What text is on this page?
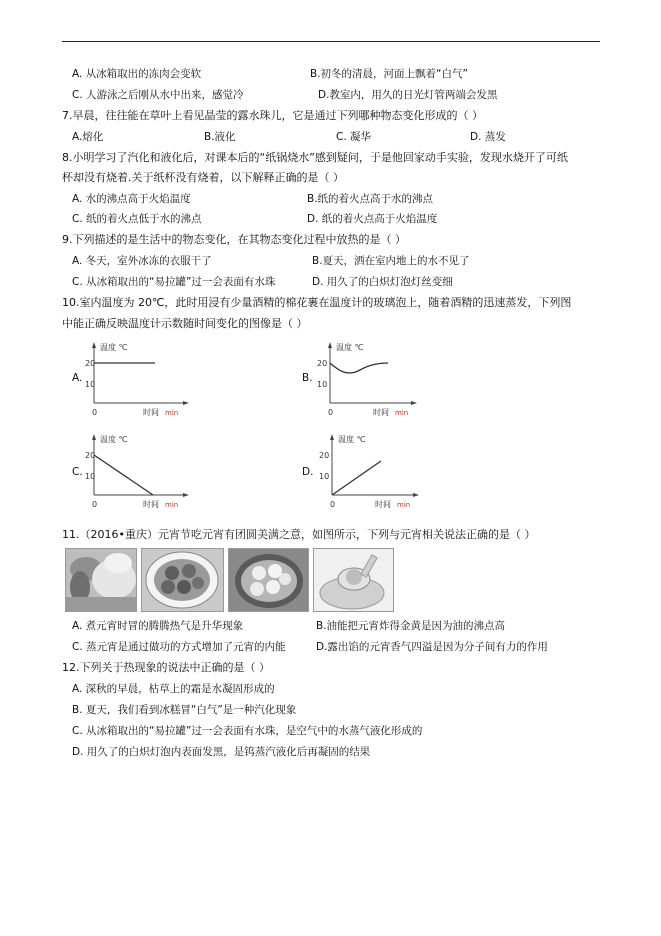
A. 从冰箱取出的冻肉会变软	B.初冬的清晨，河面上飘着“白气”
C. 人游泳之后刚从水中出来，感觉冷	D.教室内，用久的日光灯管两端会发黑
7.早晨，往往能在草叶上看见晶莹的露水珠儿，它是通过下列哪种物态变化形成的（ ）
A.熔化	B.液化	C. 凝华	D. 蒸发
8.小明学习了汽化和液化后，对课本后的“纸锅烧水”感到疑问，于是他回家动手实验，发现水烧开了可纸
杯却没有烧着.关于纸杯没有烧着，以下解释正确的是（ ）
A. 水的沸点高于火焰温度	B.纸的着火点高于水的沸点
C. 纸的着火点低于水的沸点	D. 纸的着火点高于火焰温度
9.下列描述的是生活中的物态变化，在其物态变化过程中放热的是（ ）
A. 冬天，室外冰冻的衣服干了	B.夏天，洒在室内地上的水不见了
C. 从冰箱取出的“易拉罐”过一会表面有水珠	D. 用久了的白炽灯泡灯丝变细
10.室内温度为 20℃，此时用浸有少量酒精的棉花裹在温度计的玻璃泡上，随着酒精的迅速蒸发，下列图
中能正确反映温度计示数随时间变化的图像是（ ）
A.
温度 ℃
20
10
0	时间 min
B.
温度 ℃
20
10
0	时间 min
C.
温度 ℃
20
10
0	时间 min
D.
温度 ℃
20
10
0	时间 min
11.（2016•重庆）元宵节吃元宵有团圆美满之意，如图所示，下列与元宵相关说法正确的是（ ）
A. 煮元宵时冒的腾腾热气是升华现象	B.油能把元宵炸得金黄是因为油的沸点高
C. 蒸元宵是通过做功的方式增加了元宵的内能	D.露出馅的元宵香气四溢是因为分子间有力的作用
12.下列关于热现象的说法中正确的是（ ）
A. 深秋的早晨，枯草上的霜是水凝固形成的
B. 夏天，我们看到冰糕冒“白气”是一种汽化现象
C. 从冰箱取出的“易拉罐”过一会表面有水珠，是空气中的水蒸气液化形成的
D. 用久了的白炽灯泡内表面发黑，是钨蒸汽液化后再凝固的结果
